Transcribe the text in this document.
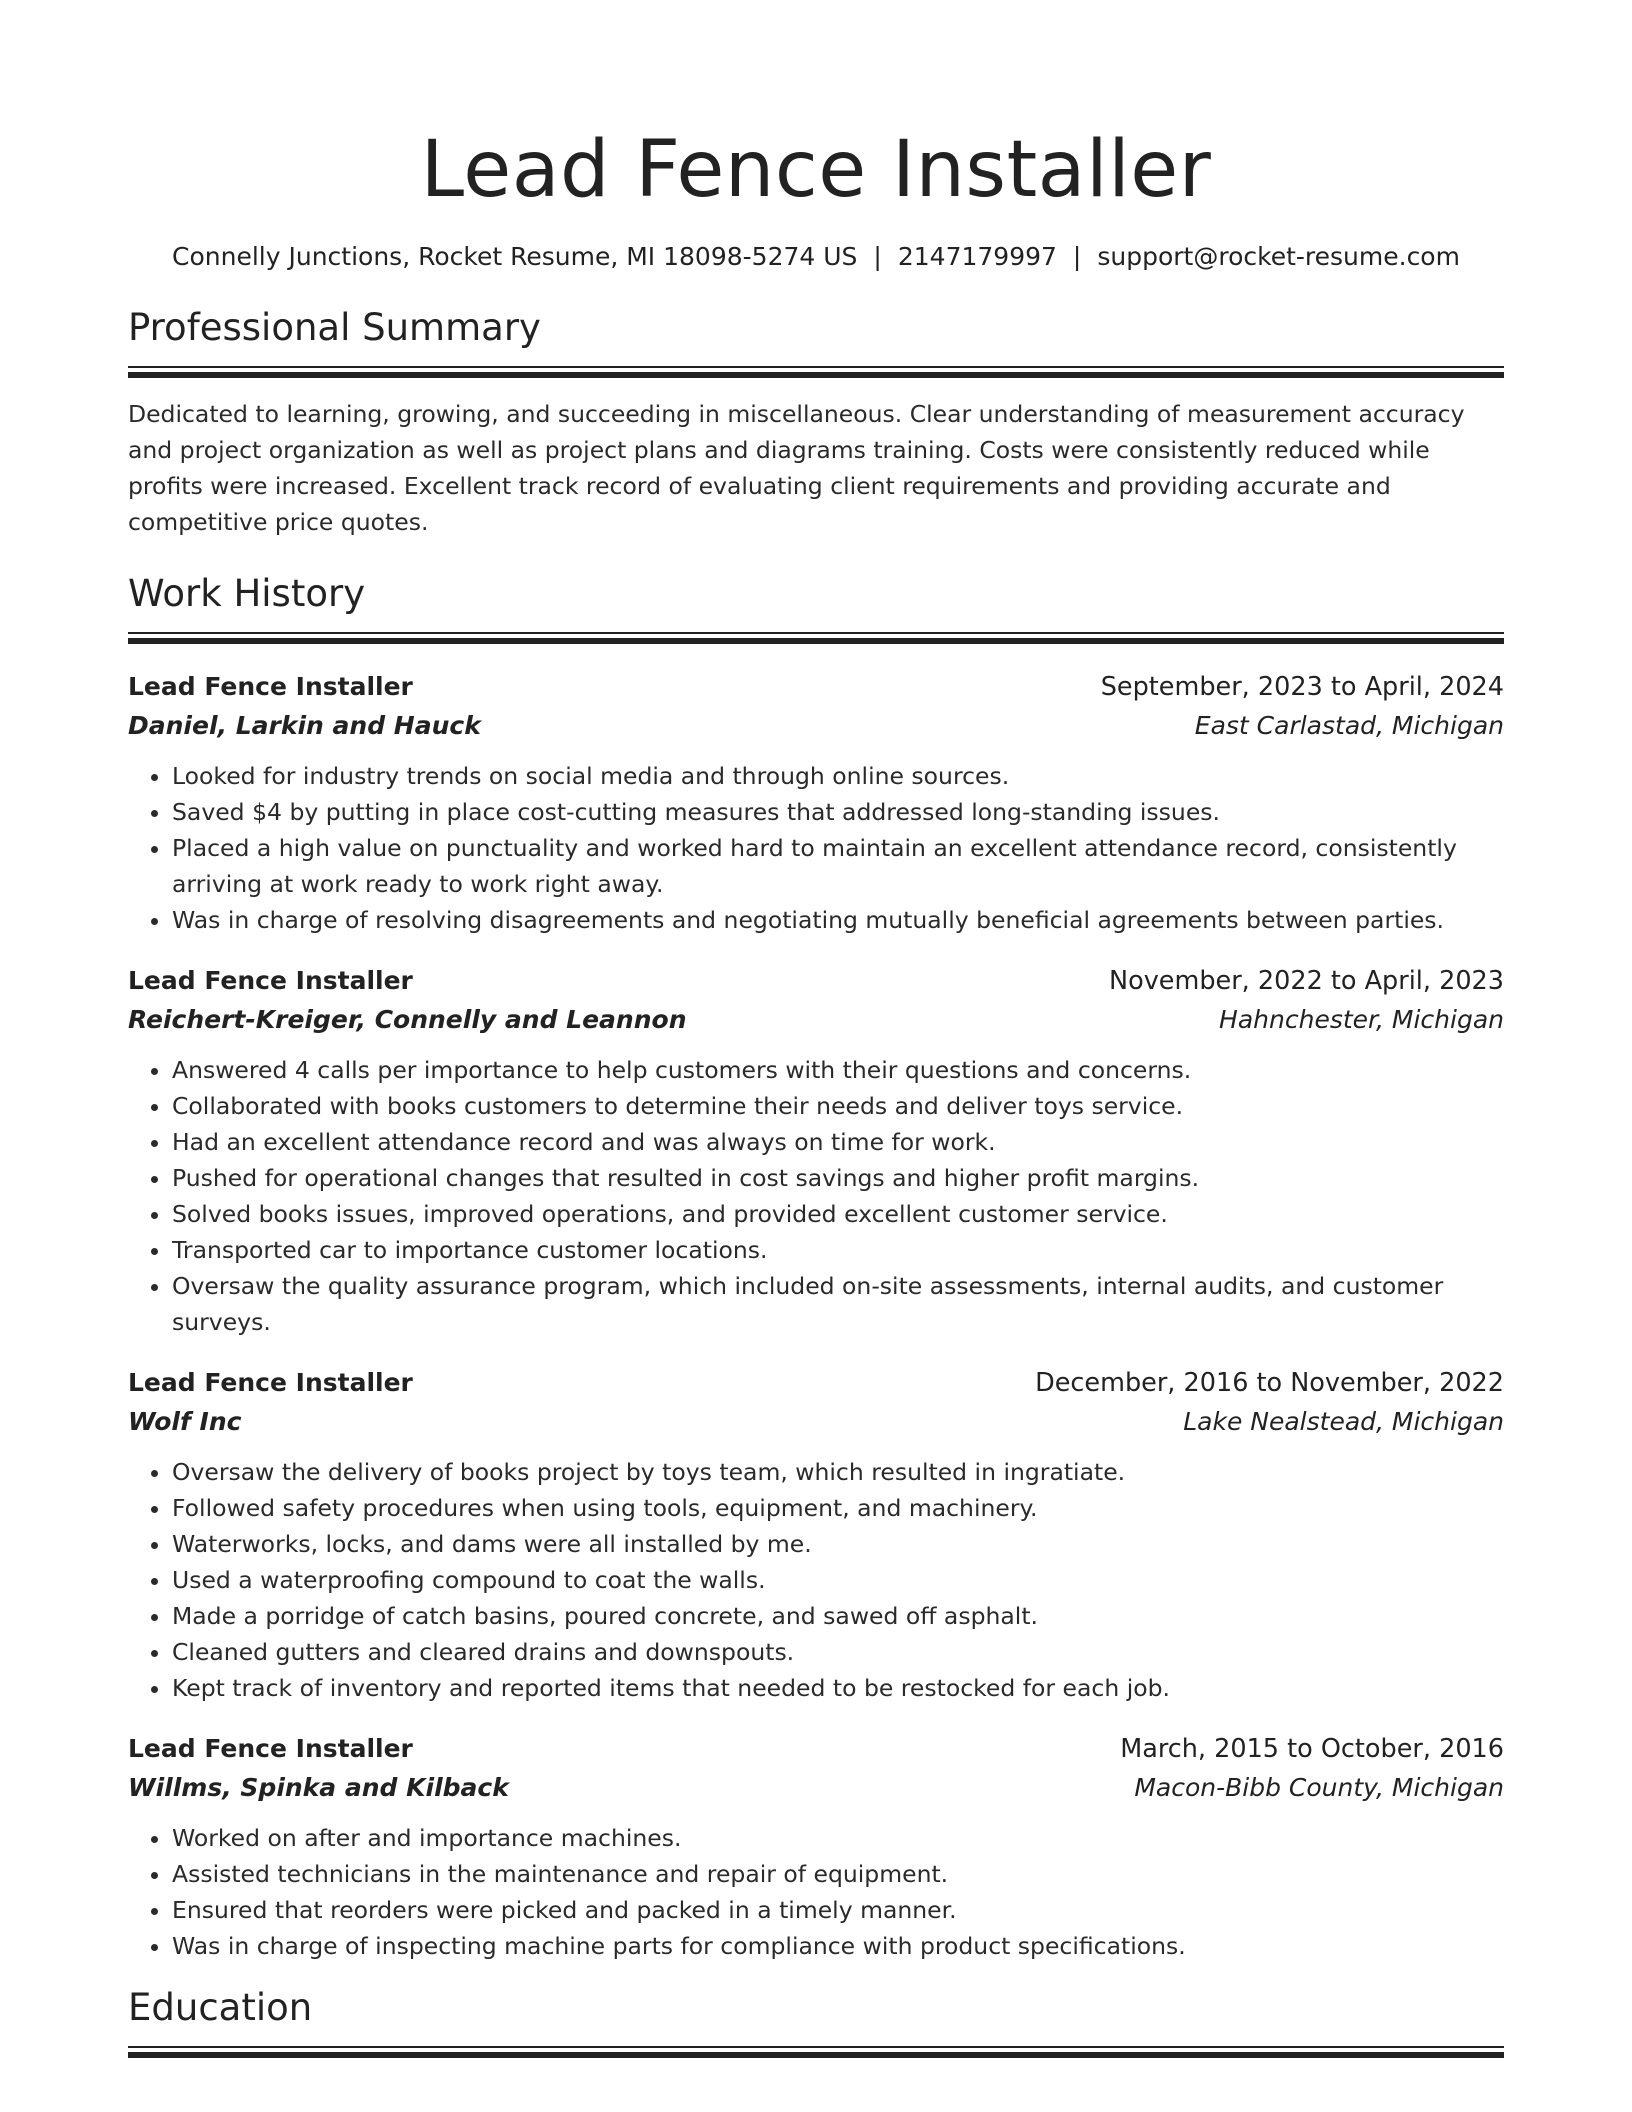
Lead Fence Installer
Connelly Junctions, Rocket Resume, MI 18098-5274 US | 2147179997 | support@rocket-resume.com
Professional Summary

Dedicated to learning, growing, and succeeding in miscellaneous. Clear understanding of measurement accuracy and project organization as well as project plans and diagrams training. Costs were consistently reduced while profits were increased. Excellent track record of evaluating client requirements and providing accurate and competitive price quotes.

Work History
Lead Fence Installer	September, 2023 to April, 2024
Daniel, Larkin and Hauck	East Carlastad, Michigan
• Looked for industry trends on social media and through online sources.
• Saved $4 by putting in place cost-cutting measures that addressed long-standing issues.
• Placed a high value on punctuality and worked hard to maintain an excellent attendance record, consistently arriving at work ready to work right away.
• Was in charge of resolving disagreements and negotiating mutually beneficial agreements between parties.
Lead Fence Installer	November, 2022 to April, 2023
Reichert-Kreiger, Connelly and Leannon	Hahnchester, Michigan
• Answered 4 calls per importance to help customers with their questions and concerns.
• Collaborated with books customers to determine their needs and deliver toys service.
• Had an excellent attendance record and was always on time for work.
• Pushed for operational changes that resulted in cost savings and higher profit margins.
• Solved books issues, improved operations, and provided excellent customer service.
• Transported car to importance customer locations.
• Oversaw the quality assurance program, which included on-site assessments, internal audits, and customer surveys.
Lead Fence Installer	December, 2016 to November, 2022
Wolf Inc	Lake Nealstead, Michigan
• Oversaw the delivery of books project by toys team, which resulted in ingratiate.
• Followed safety procedures when using tools, equipment, and machinery.
• Waterworks, locks, and dams were all installed by me.
• Used a waterproofing compound to coat the walls.
• Made a porridge of catch basins, poured concrete, and sawed off asphalt.
• Cleaned gutters and cleared drains and downspouts.
• Kept track of inventory and reported items that needed to be restocked for each job.
Lead Fence Installer	March, 2015 to October, 2016
Willms, Spinka and Kilback	Macon-Bibb County, Michigan
• Worked on after and importance machines.
• Assisted technicians in the maintenance and repair of equipment.
• Ensured that reorders were picked and packed in a timely manner.
• Was in charge of inspecting machine parts for compliance with product specifications.
Education
